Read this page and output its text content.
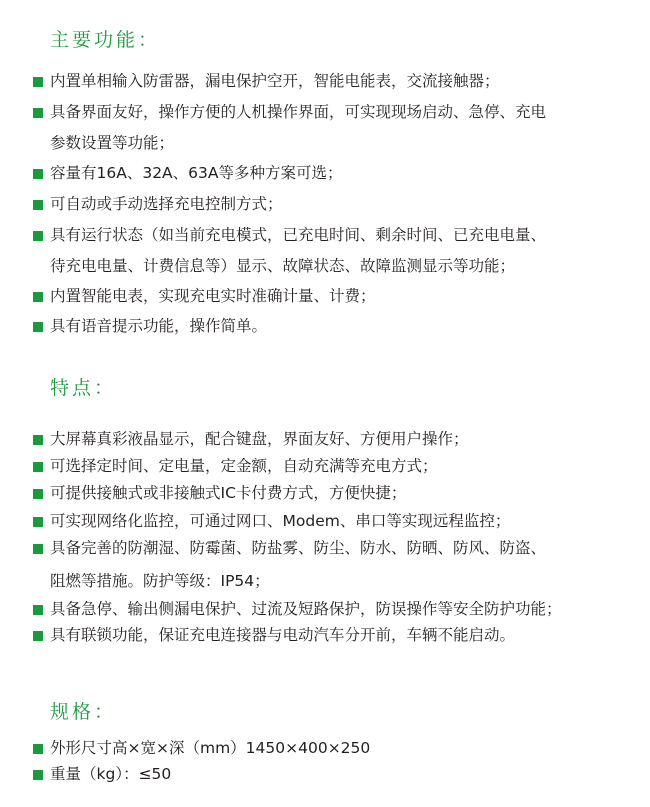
主要功能：
内置单相输入防雷器，漏电保护空开，智能电能表，交流接触器；
具备界面友好，操作方便的人机操作界面，可实现现场启动、急停、充电
参数设置等功能；
容量有16A、32A、63A等多种方案可选；
可自动或手动选择充电控制方式；
具有运行状态（如当前充电模式，已充电时间、剩余时间、已充电电量、
待充电电量、计费信息等）显示、故障状态、故障监测显示等功能；
内置智能电表，实现充电实时准确计量、计费；
具有语音提示功能，操作简单。
特点：
大屏幕真彩液晶显示，配合键盘，界面友好、方便用户操作；
可选择定时间、定电量，定金额，自动充满等充电方式；
可提供接触式或非接触式IC卡付费方式，方便快捷；
可实现网络化监控，可通过网口、Modem、串口等实现远程监控；
具备完善的防潮湿、防霉菌、防盐雾、防尘、防水、防晒、防风、防盗、
阻燃等措施。防护等级：IP54；
具备急停、输出侧漏电保护、过流及短路保护，防误操作等安全防护功能；
具有联锁功能，保证充电连接器与电动汽车分开前，车辆不能启动。
规格：
外形尺寸高×宽×深（mm）1450×400×250
重量（kg）：≤50
